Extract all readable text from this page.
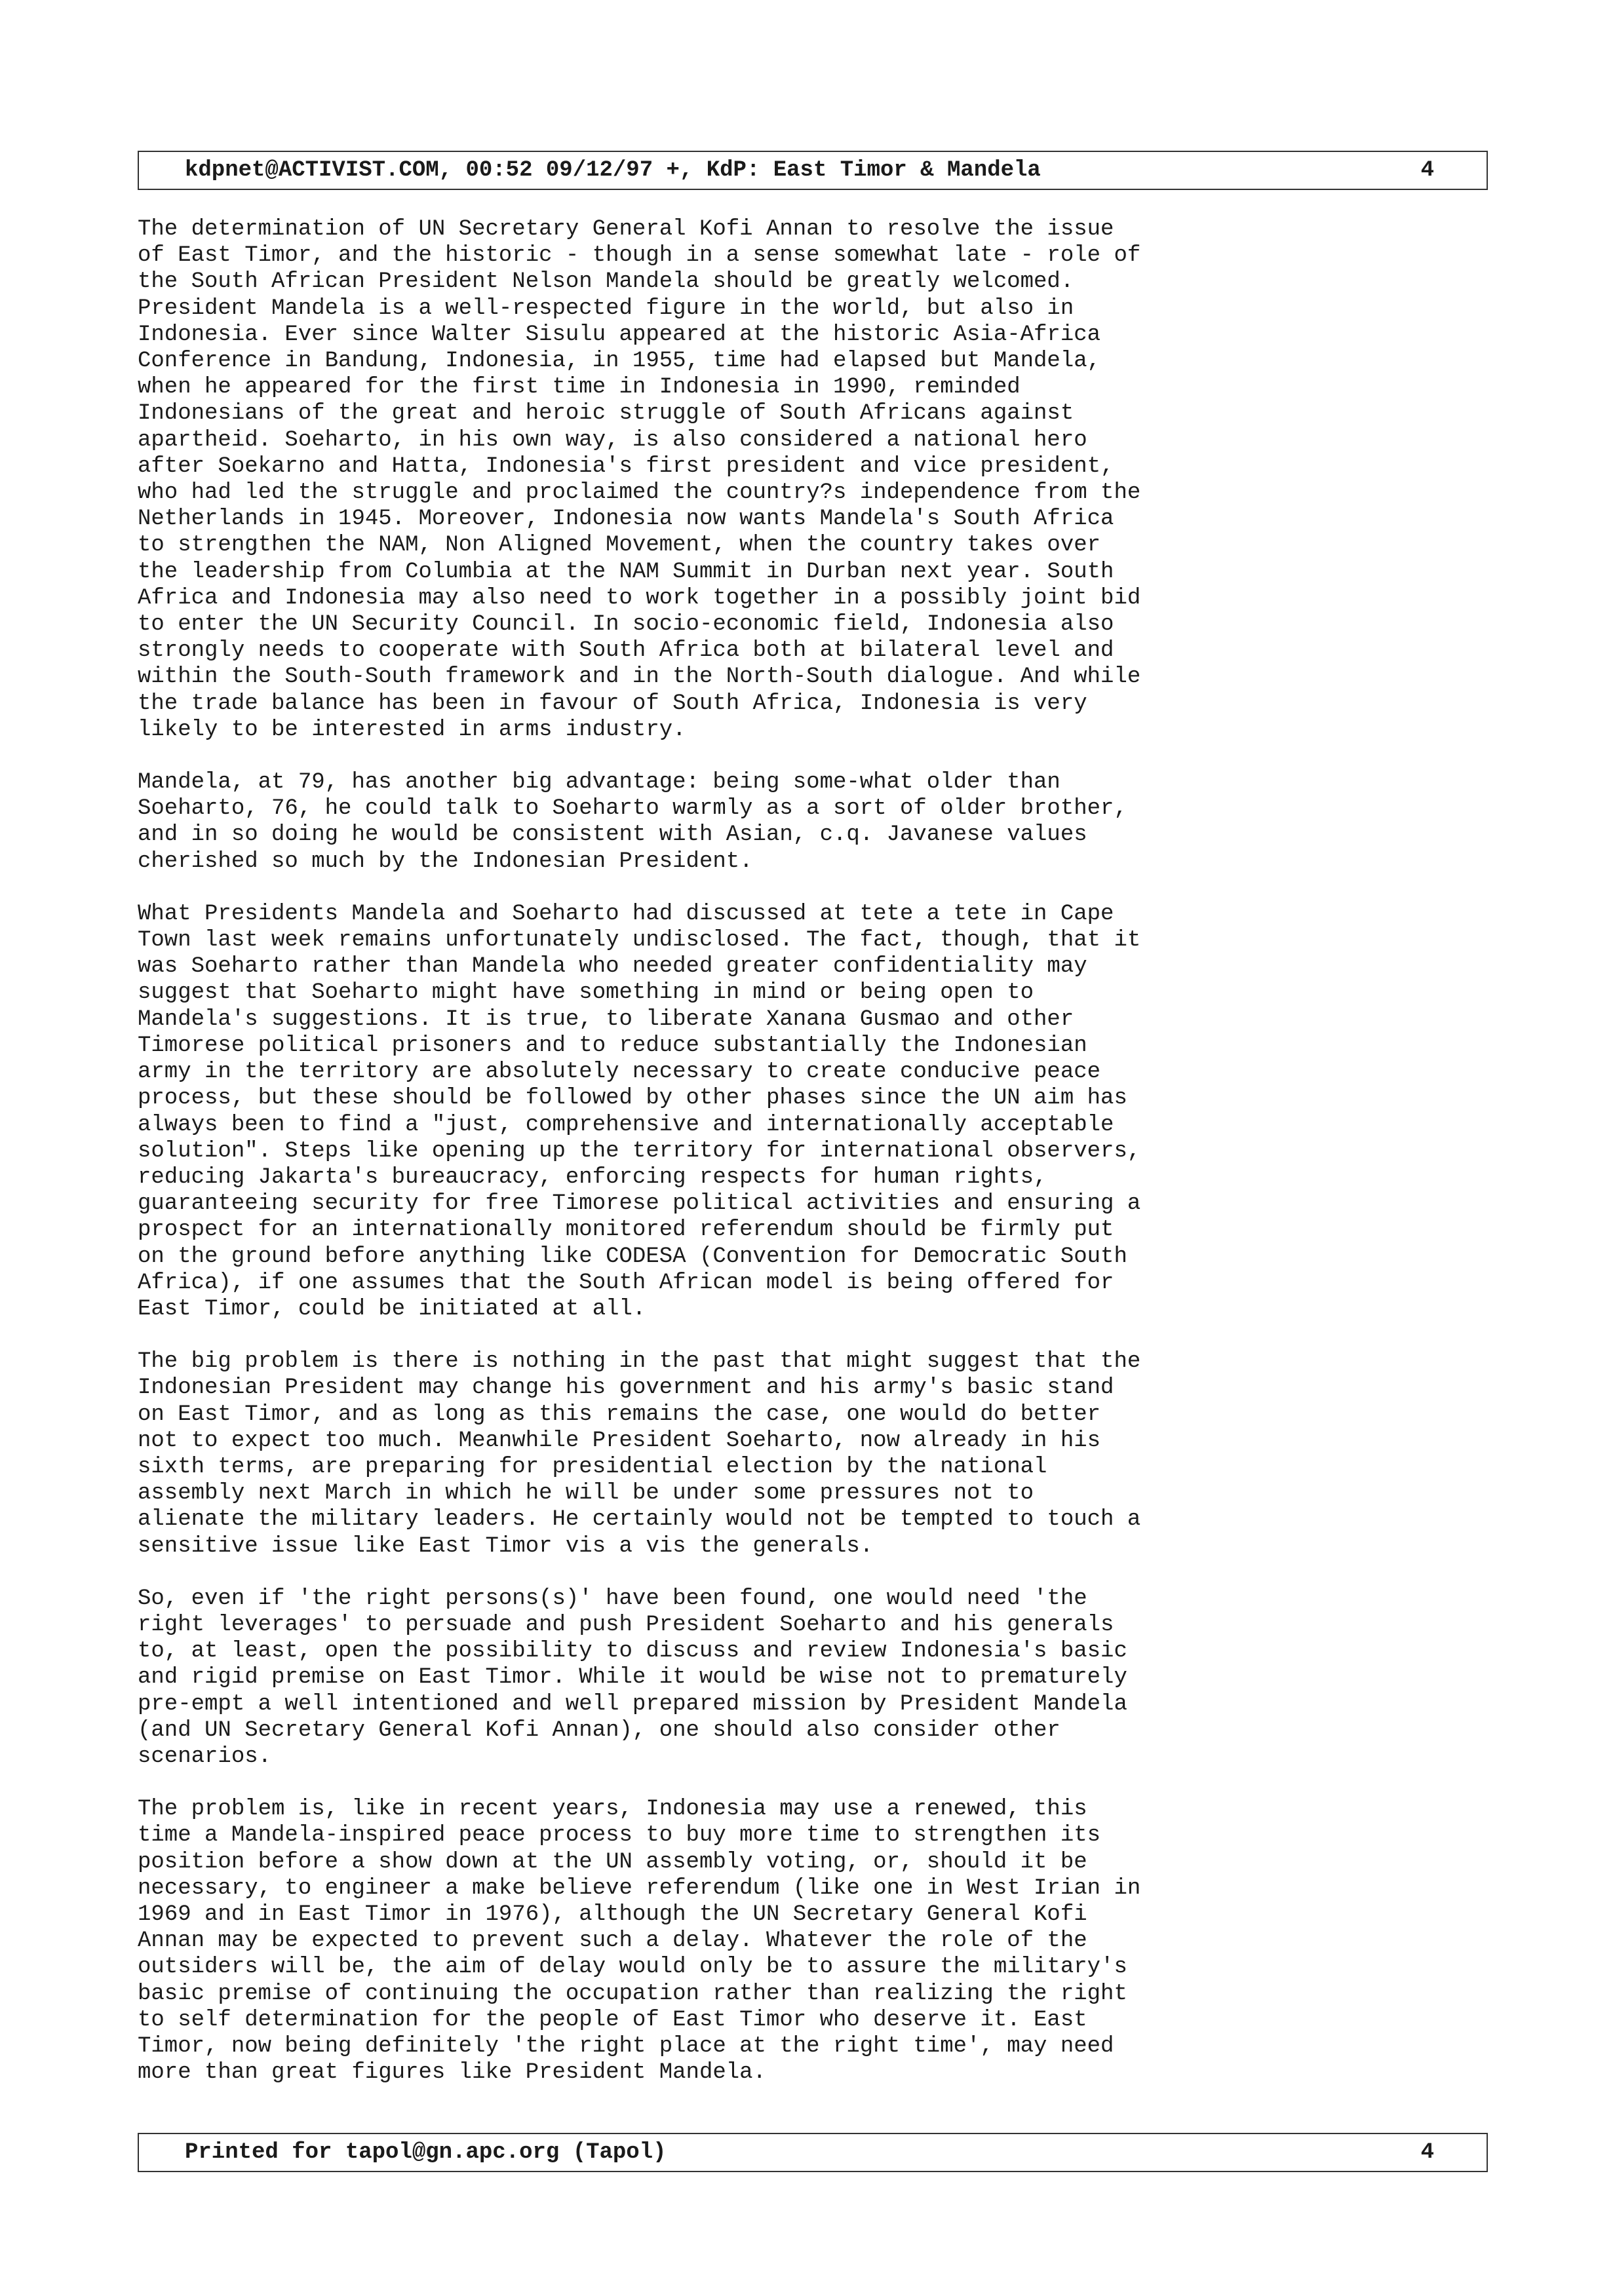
kdpnet@ACTIVIST.COM, 00:52 09/12/97 +, KdP: East Timor & Mandela	4

The determination of UN Secretary General Kofi Annan to resolve the issue
of East Timor, and the historic - though in a sense somewhat late - role of
the South African President Nelson Mandela should be greatly welcomed.
President Mandela is a well-respected figure in the world, but also in
Indonesia. Ever since Walter Sisulu appeared at the historic Asia-Africa
Conference in Bandung, Indonesia, in 1955, time had elapsed but Mandela,
when he appeared for the first time in Indonesia in 1990, reminded
Indonesians of the great and heroic struggle of South Africans against
apartheid. Soeharto, in his own way, is also considered a national hero
after Soekarno and Hatta, Indonesia's first president and vice president,
who had led the struggle and proclaimed the country?s independence from the
Netherlands in 1945. Moreover, Indonesia now wants Mandela's South Africa
to strengthen the NAM, Non Aligned Movement, when the country takes over
the leadership from Columbia at the NAM Summit in Durban next year. South
Africa and Indonesia may also need to work together in a possibly joint bid
to enter the UN Security Council. In socio-economic field, Indonesia also
strongly needs to cooperate with South Africa both at bilateral level and
within the South-South framework and in the North-South dialogue. And while
the trade balance has been in favour of South Africa, Indonesia is very
likely to be interested in arms industry.

Mandela, at 79, has another big advantage: being some-what older than
Soeharto, 76, he could talk to Soeharto warmly as a sort of older brother,
and in so doing he would be consistent with Asian, c.q. Javanese values
cherished so much by the Indonesian President.

What Presidents Mandela and Soeharto had discussed at tete a tete in Cape
Town last week remains unfortunately undisclosed. The fact, though, that it
was Soeharto rather than Mandela who needed greater confidentiality may
suggest that Soeharto might have something in mind or being open to
Mandela's suggestions. It is true, to liberate Xanana Gusmao and other
Timorese political prisoners and to reduce substantially the Indonesian
army in the territory are absolutely necessary to create conducive peace
process, but these should be followed by other phases since the UN aim has
always been to find a "just, comprehensive and internationally acceptable
solution". Steps like opening up the territory for international observers,
reducing Jakarta's bureaucracy, enforcing respects for human rights,
guaranteeing security for free Timorese political activities and ensuring a
prospect for an internationally monitored referendum should be firmly put
on the ground before anything like CODESA (Convention for Democratic South
Africa), if one assumes that the South African model is being offered for
East Timor, could be initiated at all.

The big problem is there is nothing in the past that might suggest that the
Indonesian President may change his government and his army's basic stand
on East Timor, and as long as this remains the case, one would do better
not to expect too much. Meanwhile President Soeharto, now already in his
sixth terms, are preparing for presidential election by the national
assembly next March in which he will be under some pressures not to
alienate the military leaders. He certainly would not be tempted to touch a
sensitive issue like East Timor vis a vis the generals.

So, even if 'the right persons(s)' have been found, one would need 'the
right leverages' to persuade and push President Soeharto and his generals
to, at least, open the possibility to discuss and review Indonesia's basic
and rigid premise on East Timor. While it would be wise not to prematurely
pre-empt a well intentioned and well prepared mission by President Mandela
(and UN Secretary General Kofi Annan), one should also consider other
scenarios.

The problem is, like in recent years, Indonesia may use a renewed, this
time a Mandela-inspired peace process to buy more time to strengthen its
position before a show down at the UN assembly voting, or, should it be
necessary, to engineer a make believe referendum (like one in West Irian in
1969 and in East Timor in 1976), although the UN Secretary General Kofi
Annan may be expected to prevent such a delay. Whatever the role of the
outsiders will be, the aim of delay would only be to assure the military's
basic premise of continuing the occupation rather than realizing the right
to self determination for the people of East Timor who deserve it. East
Timor, now being definitely 'the right place at the right time', may need
more than great figures like President Mandela.

Printed for tapol@gn.apc.org (Tapol)	4
